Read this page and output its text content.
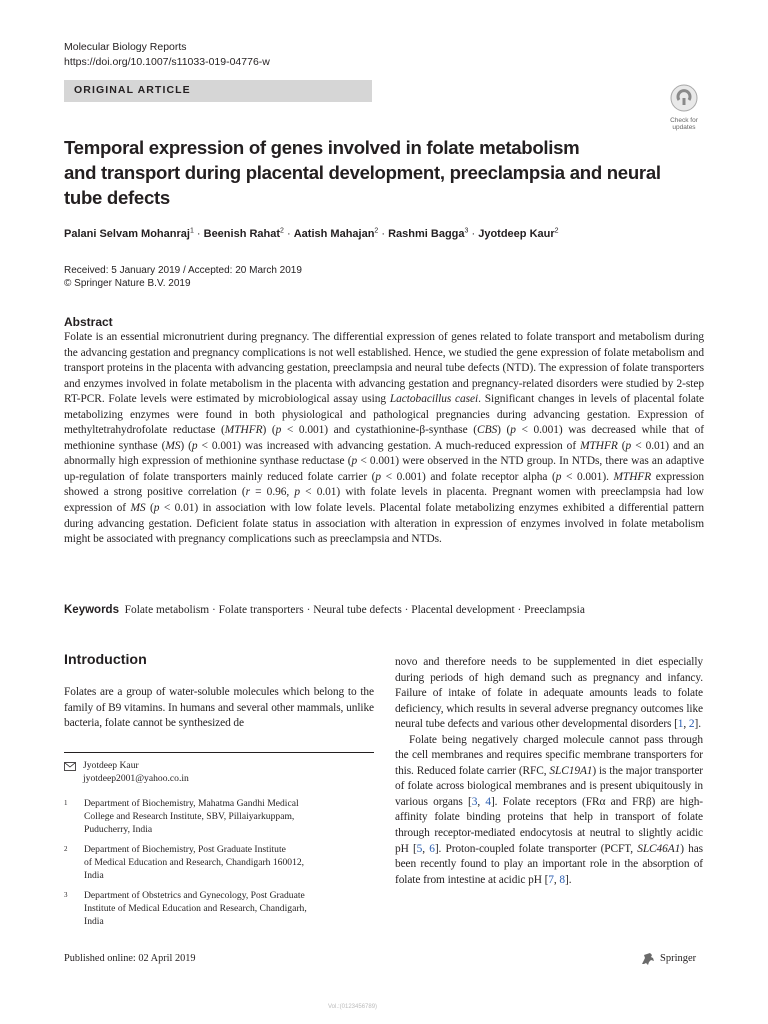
Molecular Biology Reports
https://doi.org/10.1007/s11033-019-04776-w
ORIGINAL ARTICLE
Check for
updates
Temporal expression of genes involved in folate metabolism
and transport during placental development, preeclampsia and neural
tube defects
Palani Selvam Mohanraj$^1$ · Beenish Rahat$^2$ · Aatish Mahajan$^2$ · Rashmi Bagga$^3$ · Jyotdeep Kaur$^2$
Received: 5 January 2019 / Accepted: 20 March 2019
© Springer Nature B.V. 2019
Abstract

Folate is an essential micronutrient during pregnancy. The differential expression of genes related to folate transport and metabolism during the advancing gestation and pregnancy complications is not well established. Hence, we studied the gene expression of folate metabolism and transport proteins in the placenta with advancing gestation, preeclampsia and neural tube defects (NTD). The expression of folate transporters and enzymes involved in folate metabolism in the placenta with advancing gestation and pregnancy-related disorders were studied by 2-step RT-PCR. Folate levels were estimated by microbiological assay using Lactobacillus casei. Significant changes in levels of placental folate metabolizing enzymes were found in both physiological and pathological pregnancies during advancing gestation. Expression of methyltetrahydrofolate reductase (MTHFR) (p < 0.001) and cystathionine-β-synthase (CBS) (p < 0.001) was decreased while that of methionine synthase (MS) (p < 0.001) was increased with advancing gestation. A much-reduced expression of MTHFR (p < 0.01) and an abnormally high expression of methionine synthase reductase (p < 0.001) were observed in the NTD group. In NTDs, there was an adaptive up-regulation of folate transporters mainly reduced folate carrier (p < 0.001) and folate receptor alpha (p < 0.001). MTHFR expression showed a strong positive correlation (r = 0.96, p < 0.01) with folate levels in placenta. Pregnant women with preeclampsia had low expression of MS (p < 0.01) in association with low folate levels. Placental folate metabolizing enzymes exhibited a differential pattern during advancing gestation. Deficient folate status in association with alteration in expression of enzymes involved in folate metabolism might be associated with pregnancy complications such as preeclampsia and NTDs.

Keywords Folate metabolism · Folate transporters · Neural tube defects · Placental development · Preeclampsia
Introduction

Folates are a group of water-soluble molecules which belong to the family of B9 vitamins. In humans and several other mammals, unlike bacteria, folate cannot be synthesized de

Jyotdeep Kaur
jyotdeep2001@yahoo.co.in
1 Department of Biochemistry, Mahatma Gandhi Medical
College and Research Institute, SBV, Pillaiyarkuppam,
Puducherry, India
2 Department of Biochemistry, Post Graduate Institute
of Medical Education and Research, Chandigarh 160012,
India
3 Department of Obstetrics and Gynecology, Post Graduate
Institute of Medical Education and Research, Chandigarh,
India

novo and therefore needs to be supplemented in diet especially during periods of high demand such as pregnancy and infancy. Failure of intake of folate in adequate amounts leads to folate deficiency, which results in several adverse pregnancy outcomes like neural tube defects and various other developmental disorders [1, 2].

Folate being negatively charged molecule cannot pass through the cell membranes and requires specific membrane transporters for this. Reduced folate carrier (RFC, SLC19A1) is the major transporter of folate across biological membranes and is present ubiquitously in various organs [3, 4]. Folate receptors (FRα and FRβ) are high-affinity folate binding proteins that help in transport of folate through receptor-mediated endocytosis at neutral to slightly acidic pH [5, 6]. Proton-coupled folate transporter (PCFT, SLC46A1) has been recently found to play an important role in the absorption of folate from intestine at acidic pH [7, 8].

Published online: 02 April 2019
Vol.:(0123456789)
Springer
